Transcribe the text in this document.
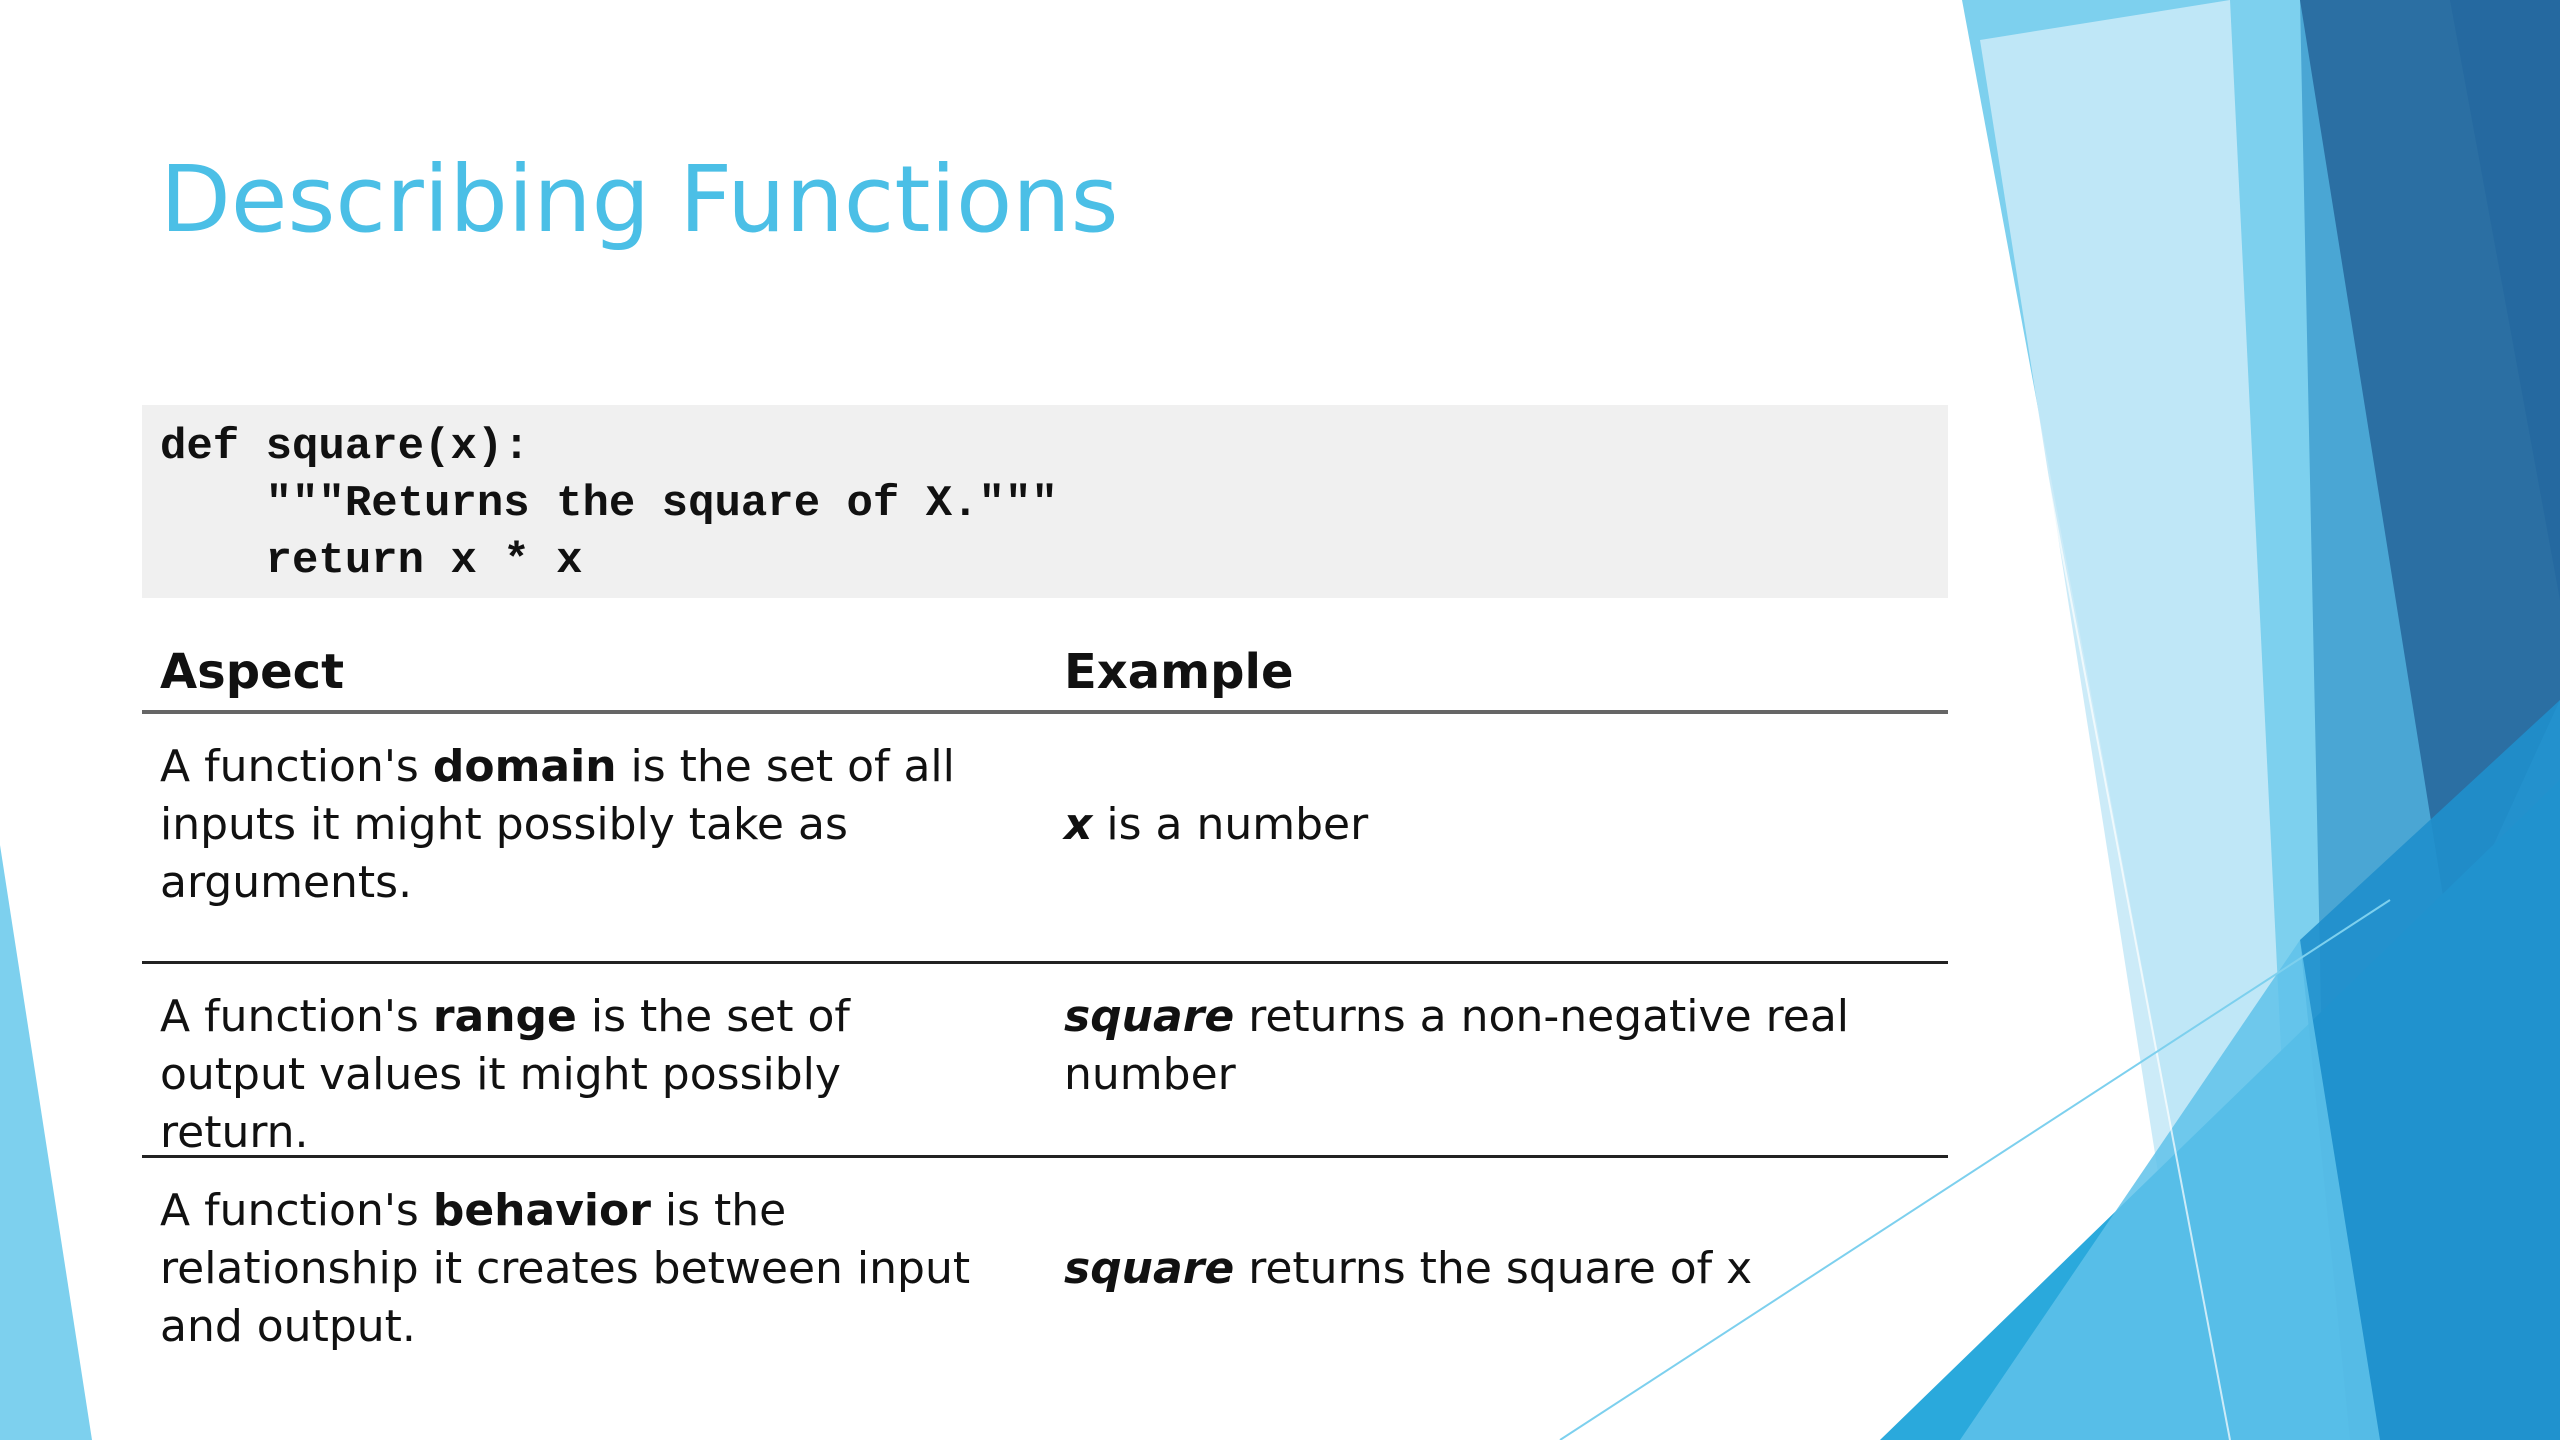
Describing Functions
def square(x):
"""Returns the square of X."""
return x * x
Aspect	Example
A function's domain is the set of all inputs it might possibly take as arguments.
x is a number
A function's range is the set of output values it might possibly return.
square returns a non-negative real number
A function's behavior is the relationship it creates between input and output.
square returns the square of x
